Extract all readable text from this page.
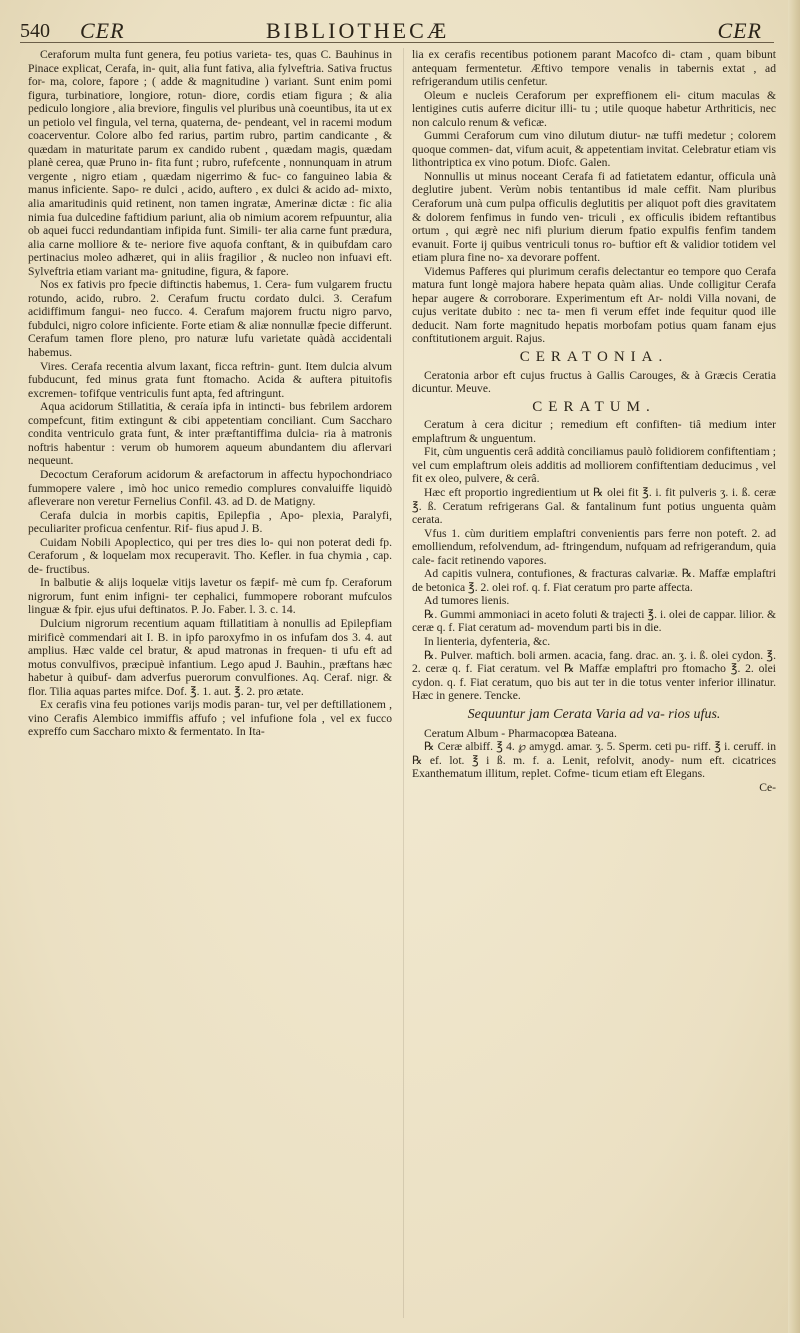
540 CER	BIBLIOTHECÆ	CER

Ceraforum multa funt genera, feu potius varieta- tes, quas C. Bauhinus in Pinace explicat, Cerafa, in- quit, alia funt fativa, alia fylveftria. Sativa fructus for- ma, colore, fapore ; ( adde & magnitudine ) variant. Sunt enim pomi figura, turbinatiore, longiore, rotun- diore, cordis etiam figura ; & alia pediculo longiore , alia breviore, fingulis vel pluribus unà coeuntibus, ita ut ex un petiolo vel fingula, vel terna, quaterna, de- pendeant, vel in racemi modum coacerventur. Colore albo fed rarius, partim rubro, partim candicante , & quædam in maturitate parum ex candido rubent , quædam magis, quædam planè cerea, quæ Pruno in- fita funt ; rubro, rufefcente , nonnunquam in atrum vergente , nigro etiam , quædam nigerrimo & fuc- co fanguineo labia & manus inficiente. Sapo- re dulci , acido, auftero , ex dulci & acido ad- mixto, alia amaritudinis quid retinent, non tamen ingratæ, Amerinæ dictæ : fic alia nimia fua dulcedine faftidium pariunt, alia ob nimium acorem refpuuntur, alia ob aquei fucci redundantiam infipida funt. Simili- ter alia carne funt prædura, alia carne molliore & te- neriore five aquofa conftant, & in quibufdam caro pertinacius moleo adhæret, qui in aliis fragilior , & nucleo non infuavi eft. Sylveftria etiam variant ma- gnitudine, figura, & fapore.

Nos ex fativis pro fpecie diftinctis habemus, 1. Cera- fum vulgarem fructu rotundo, acido, rubro. 2. Cerafum fructu cordato dulci. 3. Cerafum acidiffimum fangui- neo fucco. 4. Cerafum majorem fructu nigro parvo, fubdulci, nigro colore inficiente. Forte etiam & aliæ nonnullæ fpecie differunt. Cerafum tamen flore pleno, pro naturæ lufu varietate quàdà accidentali habemus.

Vires. Cerafa recentia alvum laxant, ficca reftrin- gunt. Item dulcia alvum fubducunt, fed minus grata funt ftomacho. Acida & auftera pituitofis excremen- tofifque ventriculis funt apta, fed aftringunt.

Aqua acidorum Stillatitia, & ceraía ipfa in intincti- bus febrilem ardorem compefcunt, fitim extingunt & cibi appetentiam conciliant. Cum Saccharo condita ventriculo grata funt, & inter præftantiffima dulcia- ria à matronis noftris habentur : verum ob humorem aqueum abundantem diu aflervari nequeunt.

Decoctum Ceraforum acidorum & arefactorum in affectu hypochondriaco fummopere valere , imò hoc unico remedio complures convaluiffe liquidò afleverare non veretur Fernelius Confil. 43. ad D. de Matigny.

Cerafa dulcia in morbis capitis, Epilepfia , Apo- plexia, Paralyfi, peculiariter proficua cenfentur. Rif- fius apud J. B.

Cuidam Nobili Apoplectico, qui per tres dies lo- qui non poterat dedi fp. Ceraforum , & loquelam mox recuperavit. Tho. Kefler. in fua chymia , cap. de- fructibus.

In balbutie & alijs loquelæ vitijs lavetur os fæpif- mè cum fp. Ceraforum nigrorum, funt enim infigni- ter cephalici, fummopere roborant mufculos linguæ & fpir. ejus ufui deftinatos. P. Jo. Faber. l. 3. c. 14.

Dulcium nigrorum recentium aquam ftillatitiam à nonullis ad Epilepfiam mirificè commendari ait I. B. in ipfo paroxyfmo in os infufam dos 3. 4. aut amplius. Hæc valde cel bratur, & apud matronas in frequen- ti ufu eft ad motus convulfivos, præcipuè infantium. Lego apud J. Bauhin., præftans hæc habetur à quibuf- dam adverfus puerorum convulfiones. Aq. Ceraf. nigr. & flor. Tilia aquas partes mifce. Dof. ℥. 1. aut. ℥. 2. pro ætate.

Ex cerafis vina feu potiones varijs modis paran- tur, vel per deftillationem , vino Cerafis Alembico immiffis affufo ; vel infufione fola , vel ex fucco expreffo cum Saccharo mixto & fermentato. In Ita-

lia ex cerafis recentibus potionem parant Macofco di- ctam , quam bibunt antequam fermentetur. Æftivo tempore venalis in tabernis extat , ad refrigerandum utilis cenfetur.

Oleum e nucleis Ceraforum per expreffionem eli- citum maculas & lentigines cutis auferre dicitur illi- tu ; utile quoque habetur Arthriticis, nec non calculo renum & veficæ.

Gummi Ceraforum cum vino dilutum diutur- næ tuffi medetur ; colorem quoque commen- dat, vifum acuit, & appetentiam invitat. Celebratur etiam vis lithontriptica ex vino potum. Diofc. Galen.

Nonnullis ut minus noceant Cerafa fi ad fatietatem edantur, officula unà deglutire jubent. Verùm nobis tentantibus id male ceffit. Nam pluribus Ceraforum unà cum pulpa officulis deglutitis per aliquot poft dies gravitatem & dolorem fenfimus in fundo ven- triculi , ex officulis ibidem reftantibus ortum , qui ægrè nec nifi plurium dierum fpatio expulfis fenfim tandem evanuit. Forte ij quibus ventriculi tonus ro- buftior eft & validior totidem vel etiam plura fine no- xa devorare poffent.

Videmus Pafferes qui plurimum cerafis delectantur eo tempore quo Cerafa matura funt longè majora habere hepata quàm alias. Unde colligitur Cerafa hepar augere & corroborare. Experimentum eft Ar- noldi Villa novani, de cujus veritate dubito : nec ta- men fi verum effet inde fequitur quod ille deducit. Nam forte magnitudo hepatis morbofam potius quam fanam ejus conftitutionem arguit. Rajus.

CERATONIA.

Ceratonia arbor eft cujus fructus à Gallis Carouges, & à Græcis Ceratia dicuntur. Meuve.

CERATUM.

Ceratum à cera dicitur ; remedium eft confiften- tiâ medium inter emplaftrum & unguentum.

Fit, cùm unguentis cerâ addità conciliamus paulò folidiorem confiftentiam ; vel cum emplaftrum oleis additis ad molliorem confiftentiam deducimus , vel fit ex oleo, pulvere, & cerâ.

Hæc eft proportio ingredientium ut ℞ olei fit ℥. i. fit pulveris ʒ. i. ß. ceræ ℥. ß. Ceratum refrigerans Gal. & fantalinum funt potius unguenta quàm cerata.

Vfus 1. cùm duritiem emplaftri convenientis pars ferre non poteft. 2. ad emolliendum, refolvendum, ad- ftringendum, nufquam ad refrigerandum, quia cale- facit retinendo vapores.

Ad capitis vulnera, contufiones, & fracturas calvariæ. ℞. Maffæ emplaftri de betonica ℥. 2. olei rof. q. f. Fiat ceratum pro parte affecta.

Ad tumores lienis.

℞. Gummi ammoniaci in aceto foluti & trajecti ℥. i. olei de cappar. lilior. & ceræ q. f. Fiat ceratum ad- movendum parti bis in die.

In lienteria, dyfenteria, &c.

℞. Pulver. maftich. boli armen. acacia, fang. drac. an. ʒ. i. ß. olei cydon. ℥. 2. ceræ q. f. Fiat ceratum. vel ℞ Maffæ emplaftri pro ftomacho ℥. 2. olei cydon. q. f. Fiat ceratum, quo bis aut ter in die totus venter inferior illinatur. Hæc in genere. Tencke.

Sequuntur jam Cerata Varia ad va- rios ufus.

Ceratum Album - Pharmacopœa Bateana.

℞ Ceræ albiff. ℥ 4. ℘ amygd. amar. ʒ. 5. Sperm. ceti pu- riff. ℥ i. ceruff. in ℞ ef. lot. ℥ i ß. m. f. a. Lenit, refolvit, anody- num eft. cicatrices Exanthematum illitum, replet. Cofme- ticum etiam eft Elegans.

Ce-
